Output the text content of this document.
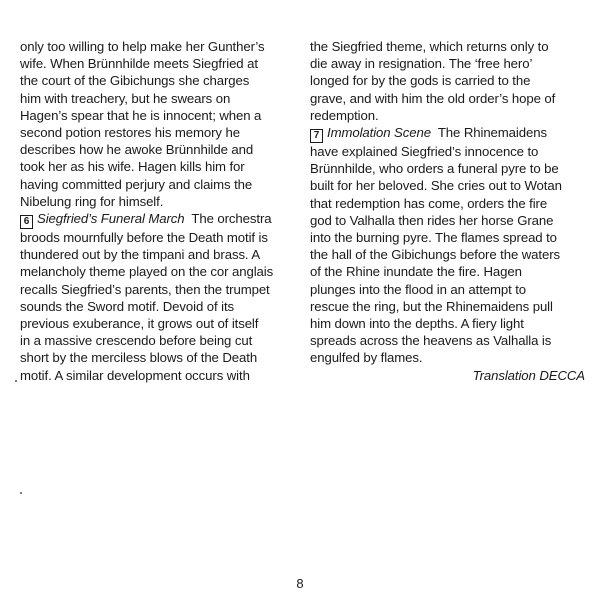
only too willing to help make her Gunther’s
wife. When Brünnhilde meets Siegfried at
the court of the Gibichungs she charges
him with treachery, but he swears on
Hagen’s spear that he is innocent; when a
second potion restores his memory he
describes how he awoke Brünnhilde and
took her as his wife. Hagen kills him for
having committed perjury and claims the
Nibelung ring for himself.
6 Siegfried’s Funeral March The orchestra
broods mournfully before the Death motif is
thundered out by the timpani and brass. A
melancholy theme played on the cor anglais
recalls Siegfried’s parents, then the trumpet
sounds the Sword motif. Devoid of its
previous exuberance, it grows out of itself
in a massive crescendo before being cut
short by the merciless blows of the Death
motif. A similar development occurs with
the Siegfried theme, which returns only to
die away in resignation. The ‘free hero’
longed for by the gods is carried to the
grave, and with him the old order’s hope of
redemption.
7 Immolation Scene The Rhinemaidens
have explained Siegfried’s innocence to
Brünnhilde, who orders a funeral pyre to be
built for her beloved. She cries out to Wotan
that redemption has come, orders the fire
god to Valhalla then rides her horse Grane
into the burning pyre. The flames spread to
the hall of the Gibichungs before the waters
of the Rhine inundate the fire. Hagen
plunges into the flood in an attempt to
rescue the ring, but the Rhinemaidens pull
him down into the depths. A fiery light
spreads across the heavens as Valhalla is
engulfed by flames.
Translation DECCA
8
